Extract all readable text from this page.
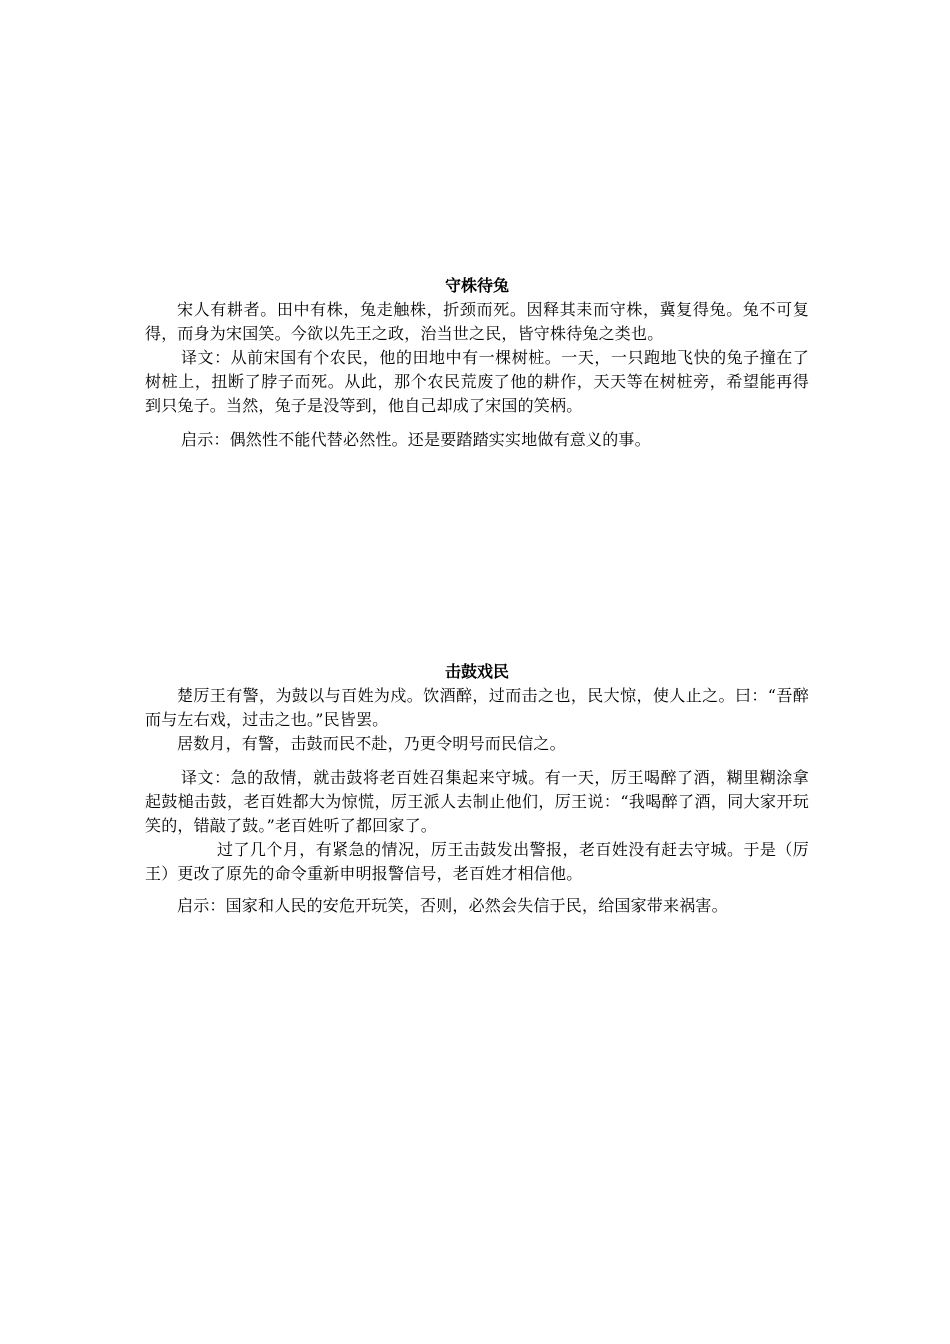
守株待兔

宋人有耕者。田中有株，兔走触株，折颈而死。因释其耒而守株，冀复得兔。兔不可复得，而身为宋国笑。今欲以先王之政，治当世之民，皆守株待兔之类也。

译文：从前宋国有个农民，他的田地中有一棵树桩。一天，一只跑地飞快的兔子撞在了树桩上，扭断了脖子而死。从此，那个农民荒废了他的耕作，天天等在树桩旁，希望能再得到只兔子。当然，兔子是没等到，他自己却成了宋国的笑柄。

启示：偶然性不能代替必然性。还是要踏踏实实地做有意义的事。

击鼓戏民

楚厉王有警，为鼓以与百姓为戍。饮酒醉，过而击之也，民大惊，使人止之。曰：“吾醉而与左右戏，过击之也。”民皆罢。

居数月，有警，击鼓而民不赴，乃更令明号而民信之。

译文：急的敌情，就击鼓将老百姓召集起来守城。有一天，厉王喝醉了酒，糊里糊涂拿起鼓槌击鼓，老百姓都大为惊慌，厉王派人去制止他们，厉王说：“我喝醉了酒，同大家开玩笑的，错敲了鼓。”老百姓听了都回家了。

过了几个月，有紧急的情况，厉王击鼓发出警报，老百姓没有赶去守城。于是（厉王）更改了原先的命令重新申明报警信号，老百姓才相信他。

启示：国家和人民的安危开玩笑，否则，必然会失信于民，给国家带来祸害。
